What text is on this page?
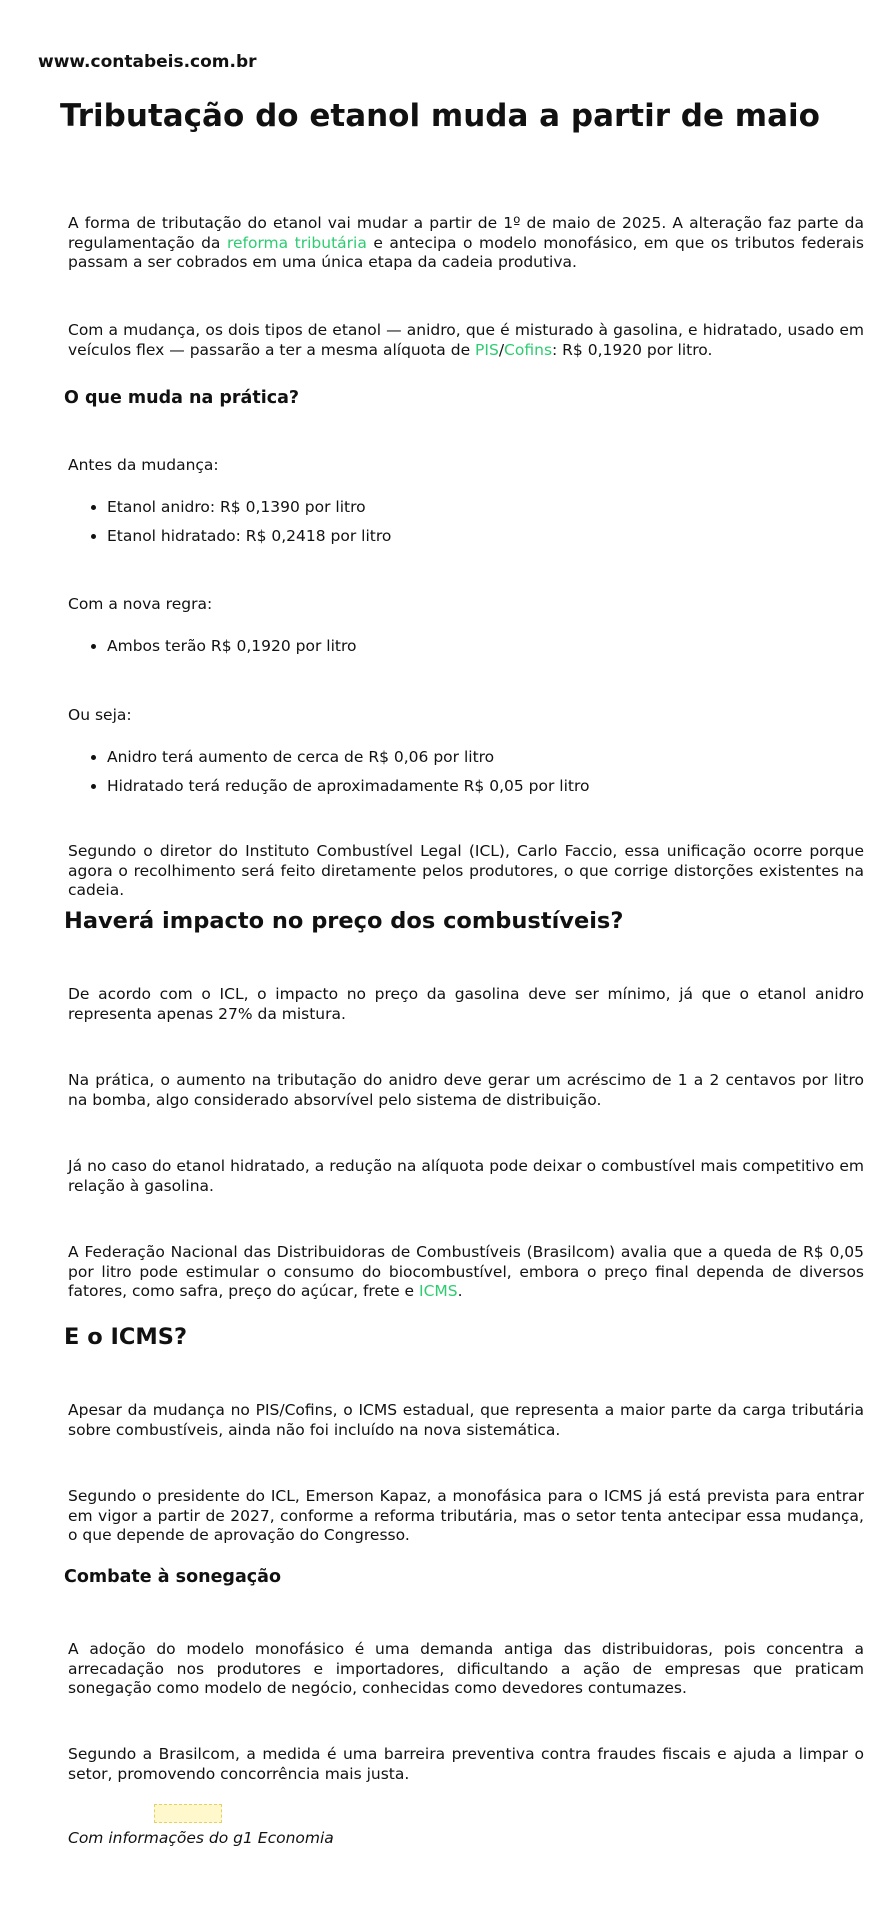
www.contabeis.com.br
Tributação do etanol muda a partir de maio

A forma de tributação do etanol vai mudar a partir de 1º de maio de 2025. A alteração faz parte da regulamentação da reforma tributária e antecipa o modelo monofásico, em que os tributos federais passam a ser cobrados em uma única etapa da cadeia produtiva.

Com a mudança, os dois tipos de etanol — anidro, que é misturado à gasolina, e hidratado, usado em veículos flex — passarão a ter a mesma alíquota de PIS/Cofins: R$ 0,1920 por litro.

O que muda na prática?
Antes da mudança:
• Etanol anidro: R$ 0,1390 por litro
• Etanol hidratado: R$ 0,2418 por litro
Com a nova regra:
• Ambos terão R$ 0,1920 por litro
Ou seja:
• Anidro terá aumento de cerca de R$ 0,06 por litro
• Hidratado terá redução de aproximadamente R$ 0,05 por litro

Segundo o diretor do Instituto Combustível Legal (ICL), Carlo Faccio, essa unificação ocorre porque agora o recolhimento será feito diretamente pelos produtores, o que corrige distorções existentes na cadeia.

Haverá impacto no preço dos combustíveis?

De acordo com o ICL, o impacto no preço da gasolina deve ser mínimo, já que o etanol anidro representa apenas 27% da mistura.

Na prática, o aumento na tributação do anidro deve gerar um acréscimo de 1 a 2 centavos por litro na bomba, algo considerado absorvível pelo sistema de distribuição.

Já no caso do etanol hidratado, a redução na alíquota pode deixar o combustível mais competitivo em relação à gasolina.

A Federação Nacional das Distribuidoras de Combustíveis (Brasilcom) avalia que a queda de R$ 0,05 por litro pode estimular o consumo do biocombustível, embora o preço final dependa de diversos fatores, como safra, preço do açúcar, frete e ICMS.

E o ICMS?

Apesar da mudança no PIS/Cofins, o ICMS estadual, que representa a maior parte da carga tributária sobre combustíveis, ainda não foi incluído na nova sistemática.

Segundo o presidente do ICL, Emerson Kapaz, a monofásica para o ICMS já está prevista para entrar em vigor a partir de 2027, conforme a reforma tributária, mas o setor tenta antecipar essa mudança, o que depende de aprovação do Congresso.

Combate à sonegação

A adoção do modelo monofásico é uma demanda antiga das distribuidoras, pois concentra a arrecadação nos produtores e importadores, dificultando a ação de empresas que praticam sonegação como modelo de negócio, conhecidas como devedores contumazes.

Segundo a Brasilcom, a medida é uma barreira preventiva contra fraudes fiscais e ajuda a limpar o setor, promovendo concorrência mais justa.

Com informações do g1 Economia
